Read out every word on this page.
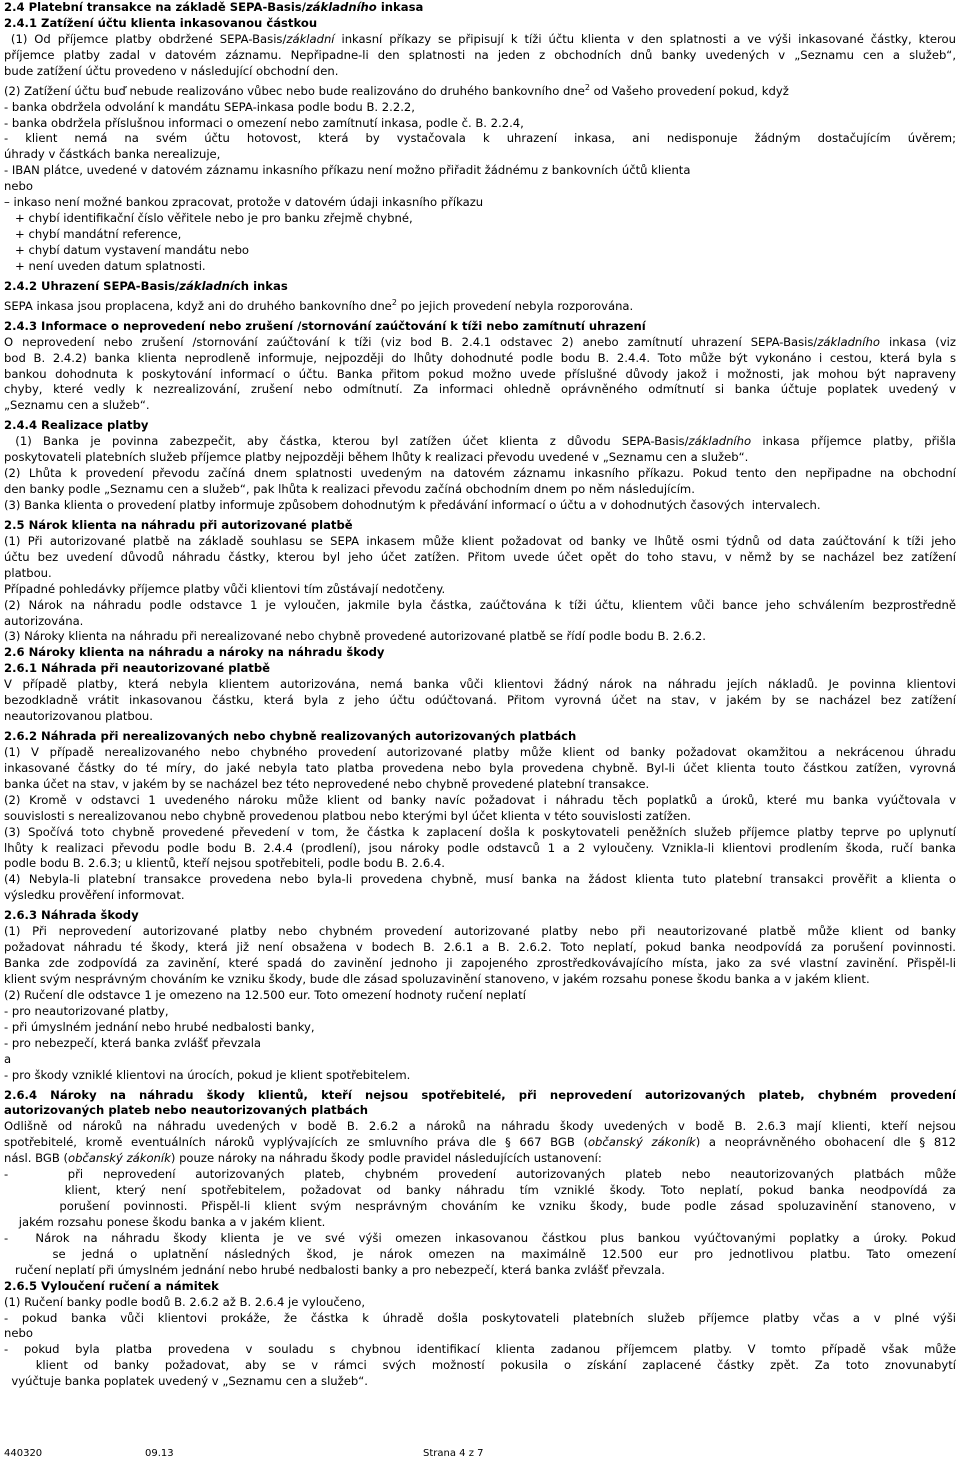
2.4 Platební transakce na základě SEPA-Basis/základního inkasa
2.4.1 Zatížení účtu klienta inkasovanou částkou
(1) Od příjemce platby obdržené SEPA-Basis/základní inkasní příkazy se připisují k tíži účtu klienta v den splatnosti a ve výši inkasované částky, kterou
příjemce platby zadal v datovém záznamu. Nepřipadne-li den splatnosti na jeden z obchodních dnů banky uvedených v „Seznamu cen a služeb“,
bude zatížení účtu provedeno v následující obchodní den.
(2) Zatížení účtu buď nebude realizováno vůbec nebo bude realizováno do druhého bankovního dne$^2$ od Vašeho provedení pokud, když
- banka obdržela odvolání k mandátu SEPA-inkasa podle bodu B. 2.2.2,
- banka obdržela příslušnou informaci o omezení nebo zamítnutí inkasa, podle č. B. 2.2.4,
- klient nemá na svém účtu hotovost, která by vystačovala k uhrazení inkasa, ani nedisponuje žádným dostačujícím úvěrem;
úhrady v částkách banka nerealizuje,
- IBAN plátce, uvedené v datovém záznamu inkasního příkazu není možno přiřadit žádnému z bankovních účtů klienta
nebo
– inkaso není možné bankou zpracovat, protože v datovém údaji inkasního příkazu
+ chybí identifikační číslo věřitele nebo je pro banku zřejmě chybné,
+ chybí mandátní reference,
+ chybí datum vystavení mandátu nebo
+ není uveden datum splatnosti.
2.4.2 Uhrazení SEPA-Basis/základních inkas
SEPA inkasa jsou proplacena, když ani do druhého bankovního dne$^2$ po jejich provedení nebyla rozporována.
2.4.3 Informace o neprovedení nebo zrušení /stornování zaúčtování k tíži nebo zamítnutí uhrazení
O neprovedení nebo zrušení /stornování zaúčtování k tíži (viz bod B. 2.4.1 odstavec 2) anebo zamítnutí uhrazení SEPA-Basis/základního inkasa (viz
bod B. 2.4.2) banka klienta neprodleně informuje, nejpozději do lhůty dohodnuté podle bodu B. 2.4.4. Toto může být vykonáno i cestou, která byla s
bankou dohodnuta k poskytování informací o účtu. Banka přitom pokud možno uvede příslušné důvody jakož i možnosti, jak mohou být napraveny
chyby, které vedly k nezrealizování, zrušení nebo odmítnutí. Za informaci ohledně oprávněného odmítnutí si banka účtuje poplatek uvedený v
„Seznamu cen a služeb“.
2.4.4 Realizace platby
(1) Banka je povinna zabezpečit, aby částka, kterou byl zatížen účet klienta z důvodu SEPA-Basis/základního inkasa příjemce platby, přišla
poskytovateli platebních služeb příjemce platby nejpozději během lhůty k realizaci převodu uvedené v „Seznamu cen a služeb“.
(2) Lhůta k provedení převodu začíná dnem splatnosti uvedeným na datovém záznamu inkasního příkazu. Pokud tento den nepřipadne na obchodní
den banky podle „Seznamu cen a služeb“, pak lhůta k realizaci převodu začíná obchodním dnem po něm následujícím.
(3) Banka klienta o provedení platby informuje způsobem dohodnutým k předávání informací o účtu a v dohodnutých časových  intervalech.
2.5 Nárok klienta na náhradu při autorizované platbě
(1) Při autorizované platbě na základě souhlasu se SEPA inkasem může klient požadovat od banky ve lhůtě osmi týdnů od data zaúčtování k tíži jeho
účtu bez uvedení důvodů náhradu částky, kterou byl jeho účet zatížen. Přitom uvede účet opět do toho stavu, v němž by se nacházel bez zatížení
platbou.
Případné pohledávky příjemce platby vůči klientovi tím zůstávají nedotčeny.
(2) Nárok na náhradu podle odstavce 1 je vyloučen, jakmile byla částka, zaúčtována k tíži účtu, klientem vůči bance jeho schválením bezprostředně
autorizována.
(3) Nároky klienta na náhradu při nerealizované nebo chybně provedené autorizované platbě se řídí podle bodu B. 2.6.2.
2.6 Nároky klienta na náhradu a nároky na náhradu škody
2.6.1 Náhrada při neautorizované platbě
V případě platby, která nebyla klientem autorizována, nemá banka vůči klientovi žádný nárok na náhradu jejích nákladů. Je povinna klientovi
bezodkladně vrátit inkasovanou částku, která byla z jeho účtu odúčtovaná. Přitom vyrovná účet na stav, v jakém by se nacházel bez zatížení
neautorizovanou platbou.
2.6.2 Náhrada při nerealizovaných nebo chybně realizovaných autorizovaných platbách
(1) V případě nerealizovaného nebo chybného provedení autorizované platby může klient od banky požadovat okamžitou a nekrácenou úhradu
inkasované částky do té míry, do jaké nebyla tato platba provedena nebo byla provedena chybně. Byl-li účet klienta touto částkou zatížen, vyrovná
banka účet na stav, v jakém by se nacházel bez této neprovedené nebo chybně provedené platební transakce.
(2) Kromě v odstavci 1 uvedeného nároku může klient od banky navíc požadovat i náhradu těch poplatků a úroků, které mu banka vyúčtovala v
souvislosti s nerealizovanou nebo chybně provedenou platbou nebo kterými byl účet klienta v této souvislosti zatížen.
(3) Spočívá toto chybně provedené převedení v tom, že částka k zaplacení došla k poskytovateli peněžních služeb příjemce platby teprve po uplynutí
lhůty k realizaci převodu podle bodu B. 2.4.4 (prodlení), jsou nároky podle odstavců 1 a 2 vyloučeny. Vznikla-li klientovi prodlením škoda, ručí banka
podle bodu B. 2.6.3; u klientů, kteří nejsou spotřebiteli, podle bodu B. 2.6.4.
(4) Nebyla-li platební transakce provedena nebo byla-li provedena chybně, musí banka na žádost klienta tuto platební transakci prověřit a klienta o
výsledku prověření informovat.
2.6.3 Náhrada škody
(1) Při neprovedení autorizované platby nebo chybném provedení autorizované platby nebo při neautorizované platbě může klient od banky
požadovat náhradu té škody, která již není obsažena v bodech B. 2.6.1 a B. 2.6.2. Toto neplatí, pokud banka neodpovídá za porušení povinnosti.
Banka zde zodpovídá za zavinění, které spadá do zavinění jednoho ji zapojeného zprostředkovávajícího místa, jako za své vlastní zavinění. Přispěl-li
klient svým nesprávným chováním ke vzniku škody, bude dle zásad spoluzavinění stanoveno, v jakém rozsahu ponese škodu banka a v jakém klient.
(2) Ručení dle odstavce 1 je omezeno na 12.500 eur. Toto omezení hodnoty ručení neplatí
- pro neautorizované platby,
- při úmyslném jednání nebo hrubé nedbalosti banky,
- pro nebezpečí, která banka zvlášť převzala
a
- pro škody vzniklé klientovi na úrocích, pokud je klient spotřebitelem.
2.6.4 Nároky na náhradu škody klientů, kteří nejsou spotřebitelé, při neprovedení autorizovaných plateb, chybném provedení
autorizovaných plateb nebo neautorizovaných platbách
Odlišně od nároků na náhradu uvedených v bodě B. 2.6.2 a nároků na náhradu škody uvedených v bodě B. 2.6.3 mají klienti, kteří nejsou
spotřebitelé, kromě eventuálních nároků vyplývajících ze smluvního práva dle § 667 BGB (občanský zákoník) a neoprávněného obohacení dle § 812
násl. BGB (občanský zákoník) pouze nároky na náhradu škody podle pravidel následujících ustanovení:
-   při neprovedení autorizovaných plateb, chybném provedení autorizovaných plateb nebo neautorizovaných platbách může
klient, který není spotřebitelem, požadovat od banky náhradu tím vzniklé škody. Toto neplatí, pokud banka neodpovídá za
porušení povinnosti. Přispěl-li klient svým nesprávným chováním ke vzniku škody, bude podle zásad spoluzavinění stanoveno, v
jakém rozsahu ponese škodu banka a v jakém klient.
-  Nárok na náhradu škody klienta je ve své výši omezen inkasovanou částkou plus bankou vyúčtovanými poplatky a úroky. Pokud
se jedná o uplatnění následných škod, je nárok omezen na maximálně 12.500 eur pro jednotlivou platbu. Tato omezení
ručení neplatí při úmyslném jednání nebo hrubé nedbalosti banky a pro nebezpečí, která banka zvlášť převzala.
2.6.5 Vyloučení ručení a námitek
(1) Ručení banky podle bodů B. 2.6.2 až B. 2.6.4 je vyloučeno,
- pokud banka vůči klientovi prokáže, že částka k úhradě došla poskytovateli platebních služeb příjemce platby včas a v plné výši
nebo
- pokud byla platba provedena v souladu s chybnou identifikací klienta zadanou příjemcem platby. V tomto případě však může
klient od banky požadovat, aby se v rámci svých možností pokusila o získání zaplacené částky zpět. Za toto znovunabytí
vyúčtuje banka poplatek uvedený v „Seznamu cen a služeb“.
440320	09.13	Strana 4 z 7
